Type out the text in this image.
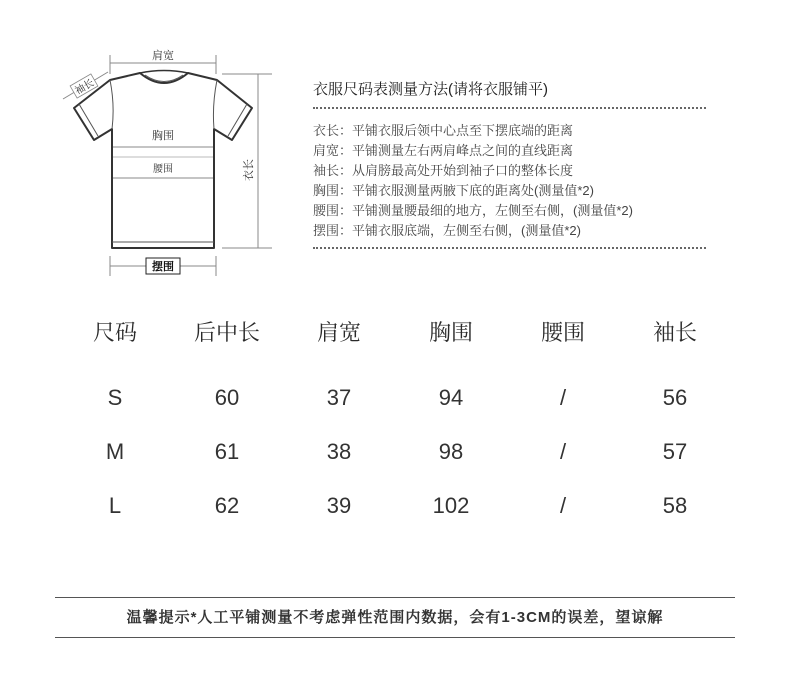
肩宽
袖长
胸围
腰围	衣长
摆围
衣服尺码表测量方法(请将衣服铺平)
衣长：平铺衣服后领中心点至下摆底端的距离
肩宽：平铺测量左右两肩峰点之间的直线距离
袖长：从肩膀最高处开始到袖子口的整体长度
胸围：平铺衣服测量两腋下底的距离处(测量值*2)
腰围：平铺测量腰最细的地方，左侧至右侧，(测量值*2)
摆围：平铺衣服底端，左侧至右侧，(测量值*2)
尺码	后中长	肩宽	胸围	腰围	袖长
S	60	37	94	/	56
M	61	38	98	/	57
L	62	39	102	/	58
温馨提示*人工平铺测量不考虑弹性范围内数据，会有1-3CM的误差，望谅解
